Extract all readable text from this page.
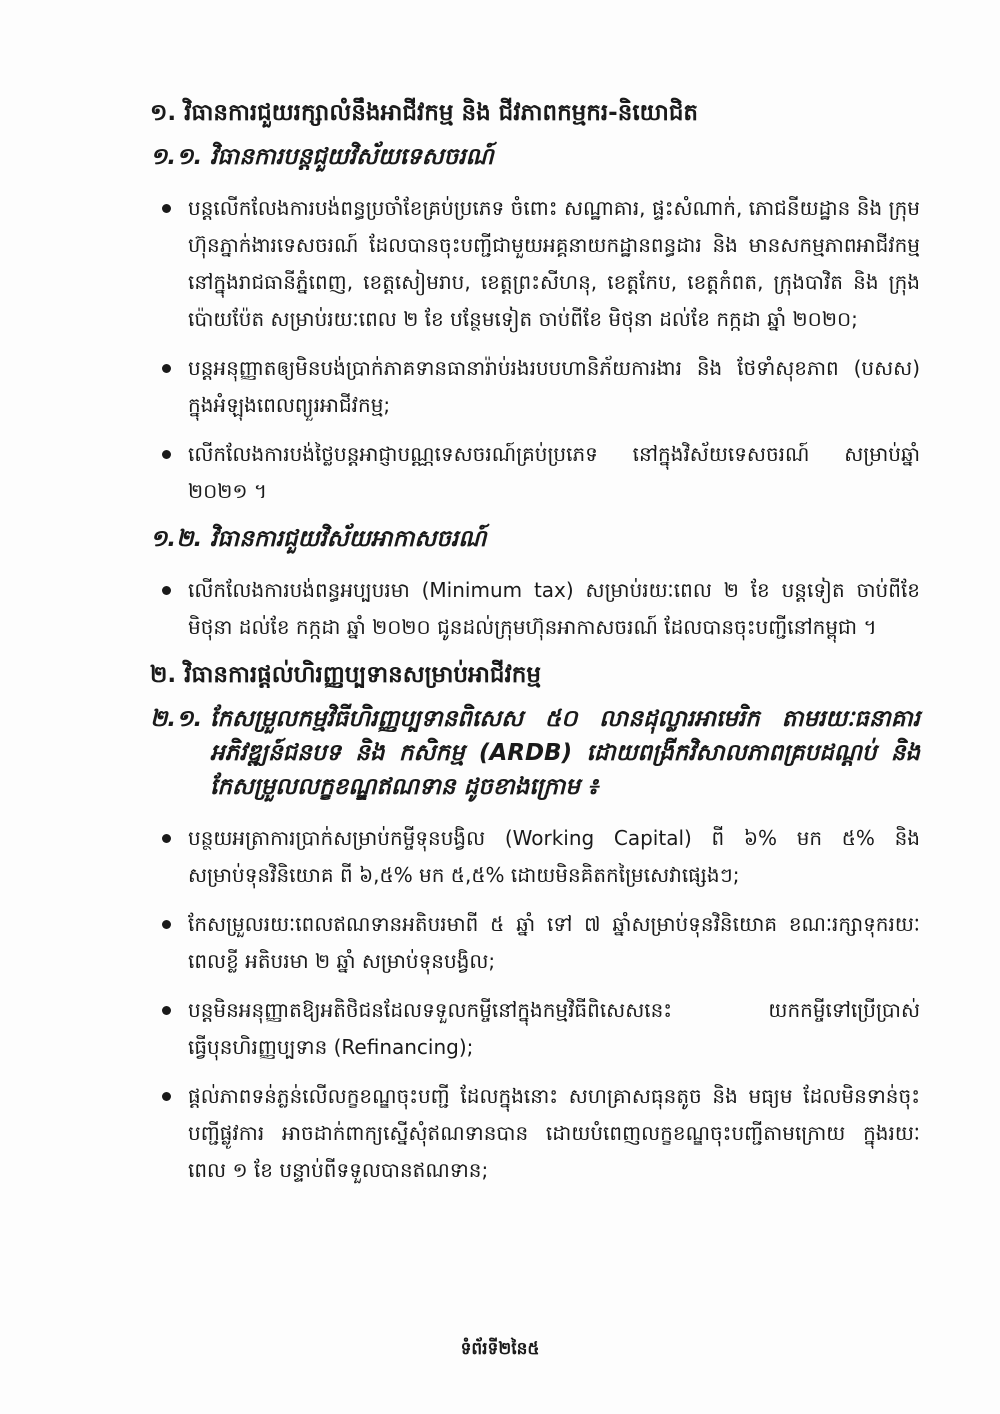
១. វិធានការជួយរក្សាលំនឹងអាជីវកម្ម និង ជីវភាពកម្មករ-និយោជិត
១.១. វិធានការបន្តជួយវិស័យទេសចរណ៍
បន្តលើកលែងការបង់ពន្ធប្រចាំខែគ្រប់ប្រភេទ ចំពោះ សណ្ឋាគារ, ផ្ទះសំណាក់, ភោជនីយដ្ឋាន និង ក្រុមហ៊ុនភ្នាក់ងារទេសចរណ៍ ដែលបានចុះបញ្ជីជាមួយអគ្គនាយកដ្ឋានពន្ធដារ និង មានសកម្មភាពអាជីវកម្ម នៅក្នុងរាជធានីភ្នំពេញ, ខេត្តសៀមរាប, ខេត្តព្រះសីហនុ, ខេត្តកែប, ខេត្តកំពត, ក្រុងបាវិត និង ក្រុងប៉ោយប៉ែត សម្រាប់រយៈពេល ២ ខែ បន្ថែមទៀត ចាប់ពីខែ មិថុនា ដល់ខែ កក្កដា ឆ្នាំ ២០២០;
បន្តអនុញ្ញាតឲ្យមិនបង់ប្រាក់ភាគទានធានារ៉ាប់រងរបបហានិភ័យការងារ និង ថែទាំសុខភាព (បសស) ក្នុងអំឡុងពេលព្យួរអាជីវកម្ម;
លើកលែងការបង់ថ្លៃបន្តអាជ្ញាបណ្ណទេសចរណ៍គ្រប់ប្រភេទ នៅក្នុងវិស័យទេសចរណ៍ សម្រាប់ឆ្នាំ ២០២១ ។
១.២. វិធានការជួយវិស័យអាកាសចរណ៍
លើកលែងការបង់ពន្ធអប្បបរមា (Minimum tax) សម្រាប់រយៈពេល ២ ខែ បន្តទៀត ចាប់ពីខែ មិថុនា ដល់ខែ កក្កដា ឆ្នាំ ២០២០ ជូនដល់ក្រុមហ៊ុនអាកាសចរណ៍ ដែលបានចុះបញ្ជីនៅកម្ពុជា ។
២. វិធានការផ្តល់ហិរញ្ញប្បទានសម្រាប់អាជីវកម្ម
២.១. កែសម្រួលកម្មវិធីហិរញ្ញប្បទានពិសេស ៥០ លានដុល្លារអាមេរិក តាមរយៈធនាគារអភិវឌ្ឍន៍ជនបទ និង កសិកម្ម (ARDB) ដោយពង្រីកវិសាលភាពគ្របដណ្តប់ និង កែសម្រួលលក្ខខណ្ឌឥណទាន ដូចខាងក្រោម ៖
បន្ថយអត្រាការប្រាក់សម្រាប់កម្ចីទុនបង្វិល (Working Capital) ពី ៦% មក ៥% និង សម្រាប់ទុនវិនិយោគ ពី ៦,៥% មក ៥,៥% ដោយមិនគិតកម្រៃសេវាផ្សេងៗ;
កែសម្រួលរយៈពេលឥណទានអតិបរមាពី ៥ ឆ្នាំ ទៅ ៧ ឆ្នាំសម្រាប់ទុនវិនិយោគ ខណៈរក្សាទុករយៈពេលខ្លី អតិបរមា ២ ឆ្នាំ សម្រាប់ទុនបង្វិល;
បន្តមិនអនុញ្ញាតឱ្យអតិថិជនដែលទទួលកម្ចីនៅក្នុងកម្មវិធីពិសេសនេះ យកកម្ចីទៅប្រើប្រាស់ធ្វើបុនហិរញ្ញប្បទាន (Refinancing);
ផ្តល់ភាពទន់ភ្លន់លើលក្ខខណ្ឌចុះបញ្ជី ដែលក្នុងនោះ សហគ្រាសធុនតូច និង មធ្យម ដែលមិនទាន់ចុះបញ្ជីផ្លូវការ អាចដាក់ពាក្យស្នើសុំឥណទានបាន ដោយបំពេញលក្ខខណ្ឌចុះបញ្ជីតាមក្រោយ ក្នុងរយៈពេល ១ ខែ បន្ទាប់ពីទទួលបានឥណទាន;
ទំព័រទី២នៃ៥
